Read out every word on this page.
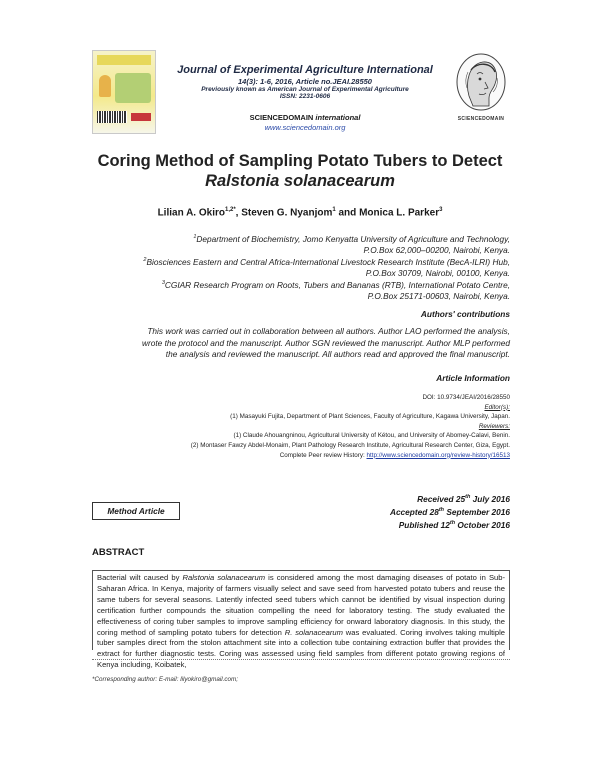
Journal of Experimental Agriculture International
14(3): 1-6, 2016, Article no.JEAI.28550
Previously known as American Journal of Experimental Agriculture
ISSN: 2231-0606
SCIENCEDOMAIN international
www.sciencedomain.org
SCIENCEDOMAIN
Coring Method of Sampling Potato Tubers to Detect
Ralstonia solanacearum
Lilian A. Okiro$^{1,2*}$, Steven G. Nyanjom$^1$ and Monica L. Parker$^3$
$^1$Department of Biochemistry, Jomo Kenyatta University of Agriculture and Technology,
P.O.Box 62,000–00200, Nairobi, Kenya.
$^2$Biosciences Eastern and Central Africa-International Livestock Research Institute (BecA-ILRI) Hub,
P.O.Box 30709, Nairobi, 00100, Kenya.
$^3$CGIAR Research Program on Roots, Tubers and Bananas (RTB), International Potato Centre,
P.O.Box 25171-00603, Nairobi, Kenya.
Authors' contributions
This work was carried out in collaboration between all authors. Author LAO performed the analysis,
wrote the protocol and the manuscript. Author SGN reviewed the manuscript. Author MLP performed
the analysis and reviewed the manuscript. All authors read and approved the final manuscript.
Article Information
DOI: 10.9734/JEAI/2016/28550
Editor(s):
(1) Masayuki Fujita, Department of Plant Sciences, Faculty of Agriculture, Kagawa University, Japan.
Reviewers:
(1) Claude Ahouangninou, Agricultural University of Kétou, and University of Abomey-Calavi, Benin.
(2) Montaser Fawzy Abdel-Monaim, Plant Pathology Research Institute, Agricultural Research Center, Giza, Egypt.
Complete Peer review History: http://www.sciencedomain.org/review-history/16513
Method Article
Received 25th July 2016
Accepted 28th September 2016
Published 12th October 2016
ABSTRACT
Bacterial wilt caused by Ralstonia solanacearum is considered among the most damaging diseases of potato in Sub-Saharan Africa. In Kenya, majority of farmers visually select and save seed from harvested potato tubers and reuse the same tubers for several seasons. Latently infected seed tubers which cannot be identified by visual inspection during certification further compounds the situation compelling the need for laboratory testing. The study evaluated the effectiveness of coring tuber samples to improve sampling efficiency for onward laboratory diagnosis. In this study, the coring method of sampling potato tubers for detection R. solanacearum was evaluated. Coring involves taking multiple tuber samples direct from the stolon attachment site into a collection tube containing extraction buffer that provides the extract for further diagnostic tests. Coring was assessed using field samples from different potato growing regions of Kenya including, Koibatek,
*Corresponding author: E-mail: lilyokiro@gmail.com;
